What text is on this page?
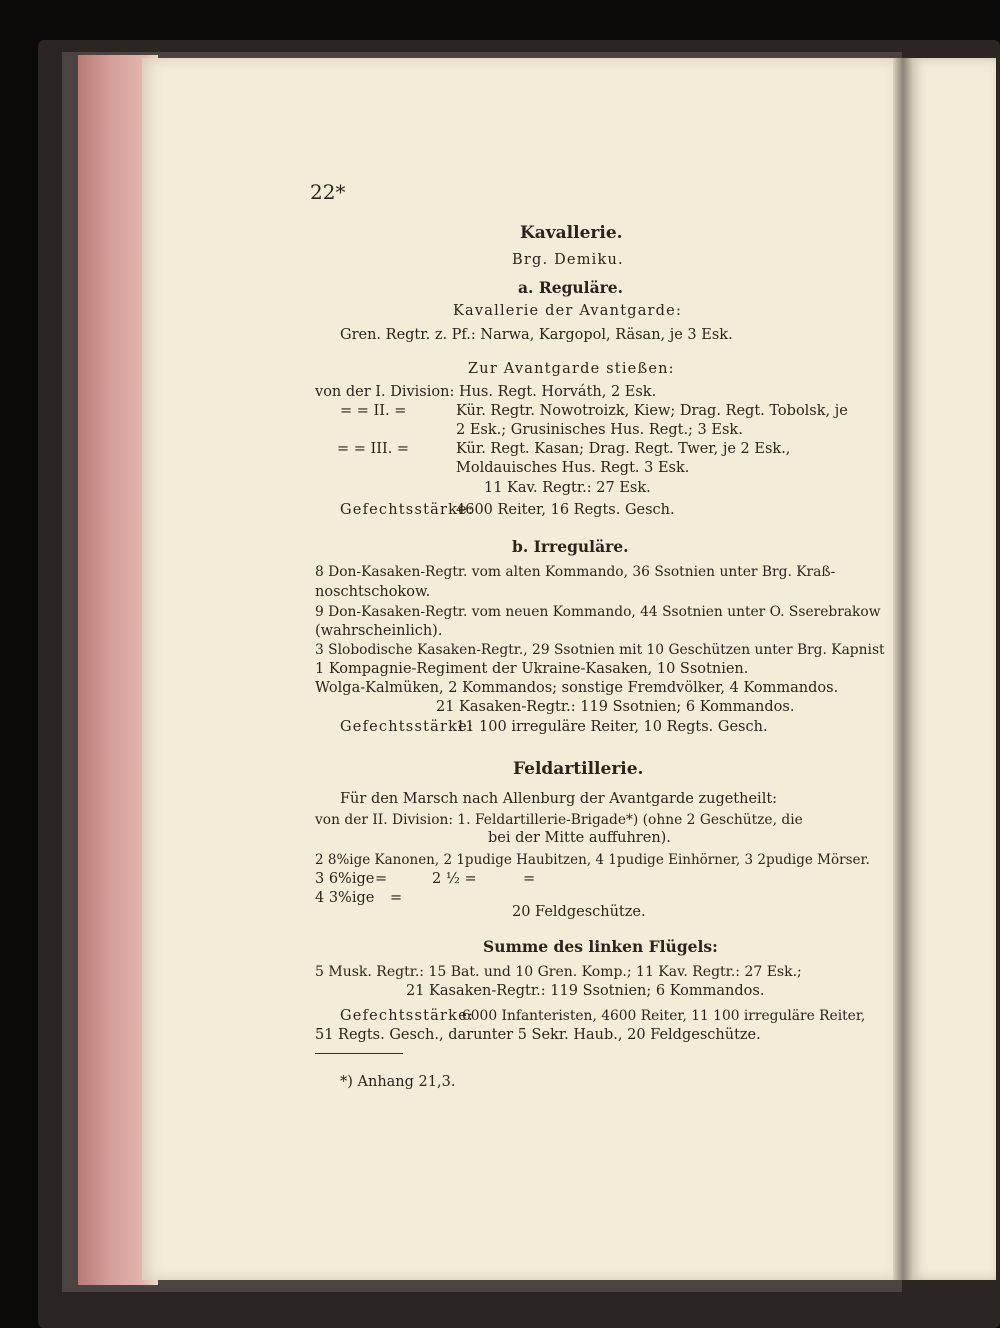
22*
Kavallerie.
Brg. Demiku.
a. Reguläre.
Kavallerie der Avantgarde:
Gren. Regtr. z. Pf.: Narwa, Kargopol, Räsan, je 3 Esk.
Zur Avantgarde stießen:
von der I. Division: Hus. Regt. Horváth, 2 Esk.
= = II. =	Kür. Regtr. Nowotroizk, Kiew; Drag. Regt. Tobolsk, je
2 Esk.; Grusinisches Hus. Regt.; 3 Esk.
= = III. =	Kür. Regt. Kasan; Drag. Regt. Twer, je 2 Esk.,
Moldauisches Hus. Regt. 3 Esk.
11 Kav. Regtr.: 27 Esk.
Gefechtsstärke:
4600 Reiter, 16 Regts. Gesch.
b. Irreguläre.
8 Don-Kasaken-Regtr. vom alten Kommando, 36 Ssotnien unter Brg. Kraß-
noschtschokow.
9 Don-Kasaken-Regtr. vom neuen Kommando, 44 Ssotnien unter O. Sserebrakow
(wahrscheinlich).
3 Slobodische Kasaken-Regtr., 29 Ssotnien mit 10 Geschützen unter Brg. Kapnist
1 Kompagnie-Regiment der Ukraine-Kasaken, 10 Ssotnien.
Wolga-Kalmüken, 2 Kommandos; sonstige Fremdvölker, 4 Kommandos.
21 Kasaken-Regtr.: 119 Ssotnien; 6 Kommandos.
Gefechtsstärke:
11 100 irreguläre Reiter, 10 Regts. Gesch.
Feldartillerie.
Für den Marsch nach Allenburg der Avantgarde zugetheilt:
von der II. Division: 1. Feldartillerie-Brigade*) (ohne 2 Geschütze, die
bei der Mitte auffuhren).
2 8%ige Kanonen, 2 1pudige Haubitzen, 4 1pudige Einhörner, 3 2pudige Mörser.
3 6%ige =	2 ½ =	=
4 3%ige =
20 Feldgeschütze.
Summe des linken Flügels:
5 Musk. Regtr.: 15 Bat. und 10 Gren. Komp.; 11 Kav. Regtr.: 27 Esk.;
21 Kasaken-Regtr.: 119 Ssotnien; 6 Kommandos.
Gefechtsstärke:
6000 Infanteristen, 4600 Reiter, 11 100 irreguläre Reiter,
51 Regts. Gesch., darunter 5 Sekr. Haub., 20 Feldgeschütze.
*) Anhang 21,3.
